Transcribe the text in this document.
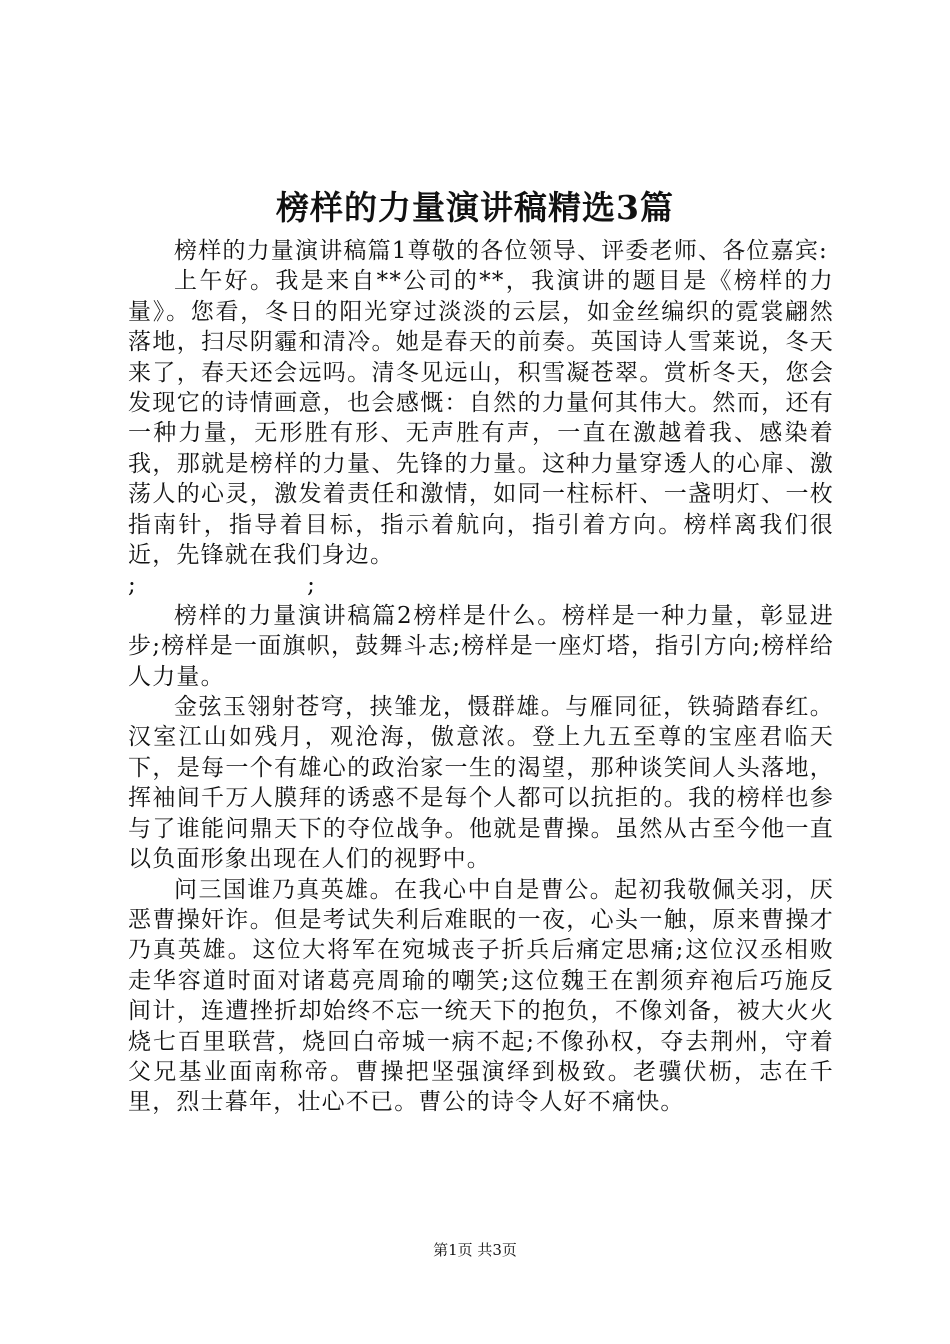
榜样的力量演讲稿精选3篇

榜样的力量演讲稿篇1尊敬的各位领导、评委老师、各位嘉宾:

上午好。我是来自**公司的**，我演讲的题目是《榜样的力量》。您看，冬日的阳光穿过淡淡的云层，如金丝编织的霓裳翩然落地，扫尽阴霾和清冷。她是春天的前奏。英国诗人雪莱说，冬天来了，春天还会远吗。清冬见远山，积雪凝苍翠。赏析冬天，您会发现它的诗情画意，也会感慨：自然的力量何其伟大。然而，还有一种力量，无形胜有形、无声胜有声，一直在激越着我、感染着我，那就是榜样的力量、先锋的力量。这种力量穿透人的心扉、激荡人的心灵，激发着责任和激情，如同一柱标杆、一盏明灯、一枚指南针，指导着目标，指示着航向，指引着方向。榜样离我们很近，先锋就在我们身边。

;                    ;

榜样的力量演讲稿篇2榜样是什么。榜样是一种力量，彰显进步;榜样是一面旗帜，鼓舞斗志;榜样是一座灯塔，指引方向;榜样给人力量。

金弦玉翎射苍穹，挟雏龙，慑群雄。与雁同征，铁骑踏春红。汉室江山如残月，观沧海，傲意浓。登上九五至尊的宝座君临天下，是每一个有雄心的政治家一生的渴望，那种谈笑间人头落地，挥袖间千万人膜拜的诱惑不是每个人都可以抗拒的。我的榜样也参与了谁能问鼎天下的夺位战争。他就是曹操。虽然从古至今他一直以负面形象出现在人们的视野中。

问三国谁乃真英雄。在我心中自是曹公。起初我敬佩关羽，厌恶曹操奸诈。但是考试失利后难眠的一夜，心头一触，原来曹操才乃真英雄。这位大将军在宛城丧子折兵后痛定思痛;这位汉丞相败走华容道时面对诸葛亮周瑜的嘲笑;这位魏王在割须弃袍后巧施反间计，连遭挫折却始终不忘一统天下的抱负，不像刘备，被大火火烧七百里联营，烧回白帝城一病不起;不像孙权，夺去荆州，守着父兄基业面南称帝。曹操把坚强演绎到极致。老骥伏枥，志在千里，烈士暮年，壮心不已。曹公的诗令人好不痛快。

第1页 共3页
